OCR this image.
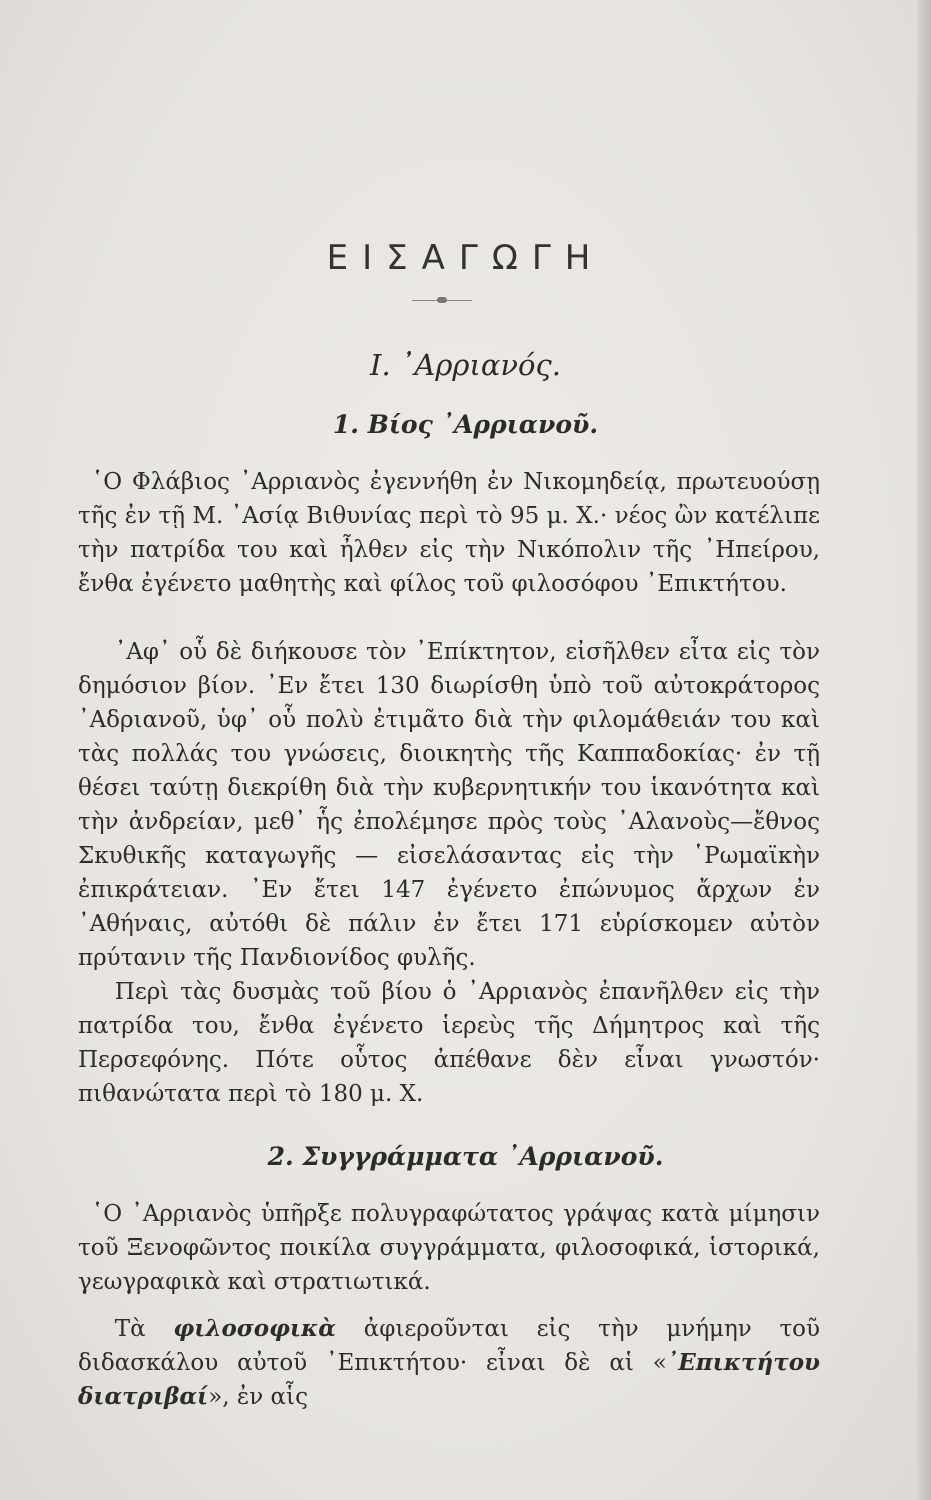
ΕΙΣΑΓΩΓΗ
I. ᾿Αρριανός.
1. Βίος ᾿Αρριανοῦ.

῾Ο Φλάβιος ᾿Αρριανὸς ἐγεννήθη ἐν Νικομηδείᾳ, πρωτευούσῃ τῆς ἐν τῇ Μ. ᾿Ασίᾳ Βιθυνίας περὶ τὸ 95 μ. Χ.· νέος ὢν κατέλιπε τὴν πατρίδα του καὶ ἦλθεν εἰς τὴν Νικόπολιν τῆς ᾿Ηπείρου, ἔνθα ἐγένετο μαθητὴς καὶ φίλος τοῦ φιλοσόφου ᾿Επικτήτου.

᾿Αφ᾿ οὗ δὲ διήκουσε τὸν ᾿Επίκτητον, εἰσῆλθεν εἶτα εἰς τὸν δημόσιον βίον. ᾿Εν ἔτει 130 διωρίσθη ὑπὸ τοῦ αὐτοκράτορος ᾿Αδριανοῦ, ὑφ᾿ οὗ πολὺ ἐτιμᾶτο διὰ τὴν φιλομάθειάν του καὶ τὰς πολλάς του γνώσεις, διοικητὴς τῆς Καππαδοκίας· ἐν τῇ θέσει ταύτῃ διεκρίθη διὰ τὴν κυβερνητικήν του ἱκανότητα καὶ τὴν ἀνδρείαν, μεθ᾿ ἧς ἐπολέμησε πρὸς τοὺς ᾿Αλανοὺς—ἔθνος Σκυθικῆς καταγωγῆς — εἰσελάσαντας εἰς τὴν ῾Ρωμαϊκὴν ἐπικράτειαν. ᾿Εν ἔτει 147 ἐγένετο ἐπώνυμος ἄρχων ἐν ᾿Αθήναις, αὐτόθι δὲ πάλιν ἐν ἔτει 171 εὑρίσκομεν αὐτὸν πρύτανιν τῆς Πανδιονίδος φυλῆς.

Περὶ τὰς δυσμὰς τοῦ βίου ὁ ᾿Αρριανὸς ἐπανῆλθεν εἰς τὴν πατρίδα του, ἔνθα ἐγένετο ἱερεὺς τῆς Δήμητρος καὶ τῆς Περσεφόνης. Πότε οὗτος ἀπέθανε δὲν εἶναι γνωστόν· πιθανώτατα περὶ τὸ 180 μ. Χ.

2. Συγγράμματα ᾿Αρριανοῦ.

῾Ο ᾿Αρριανὸς ὑπῆρξε πολυγραφώτατος γράψας κατὰ μίμησιν τοῦ Ξενοφῶντος ποικίλα συγγράμματα, φιλοσοφικά, ἱστορικά, γεωγραφικὰ καὶ στρατιωτικά.

Τὰ φιλοσοφικὰ ἀφιεροῦνται εἰς τὴν μνήμην τοῦ διδασκάλου αὐτοῦ ᾿Επικτήτου· εἶναι δὲ αἱ «᾿Επικτήτου διατριβαί», ἐν αἷς
